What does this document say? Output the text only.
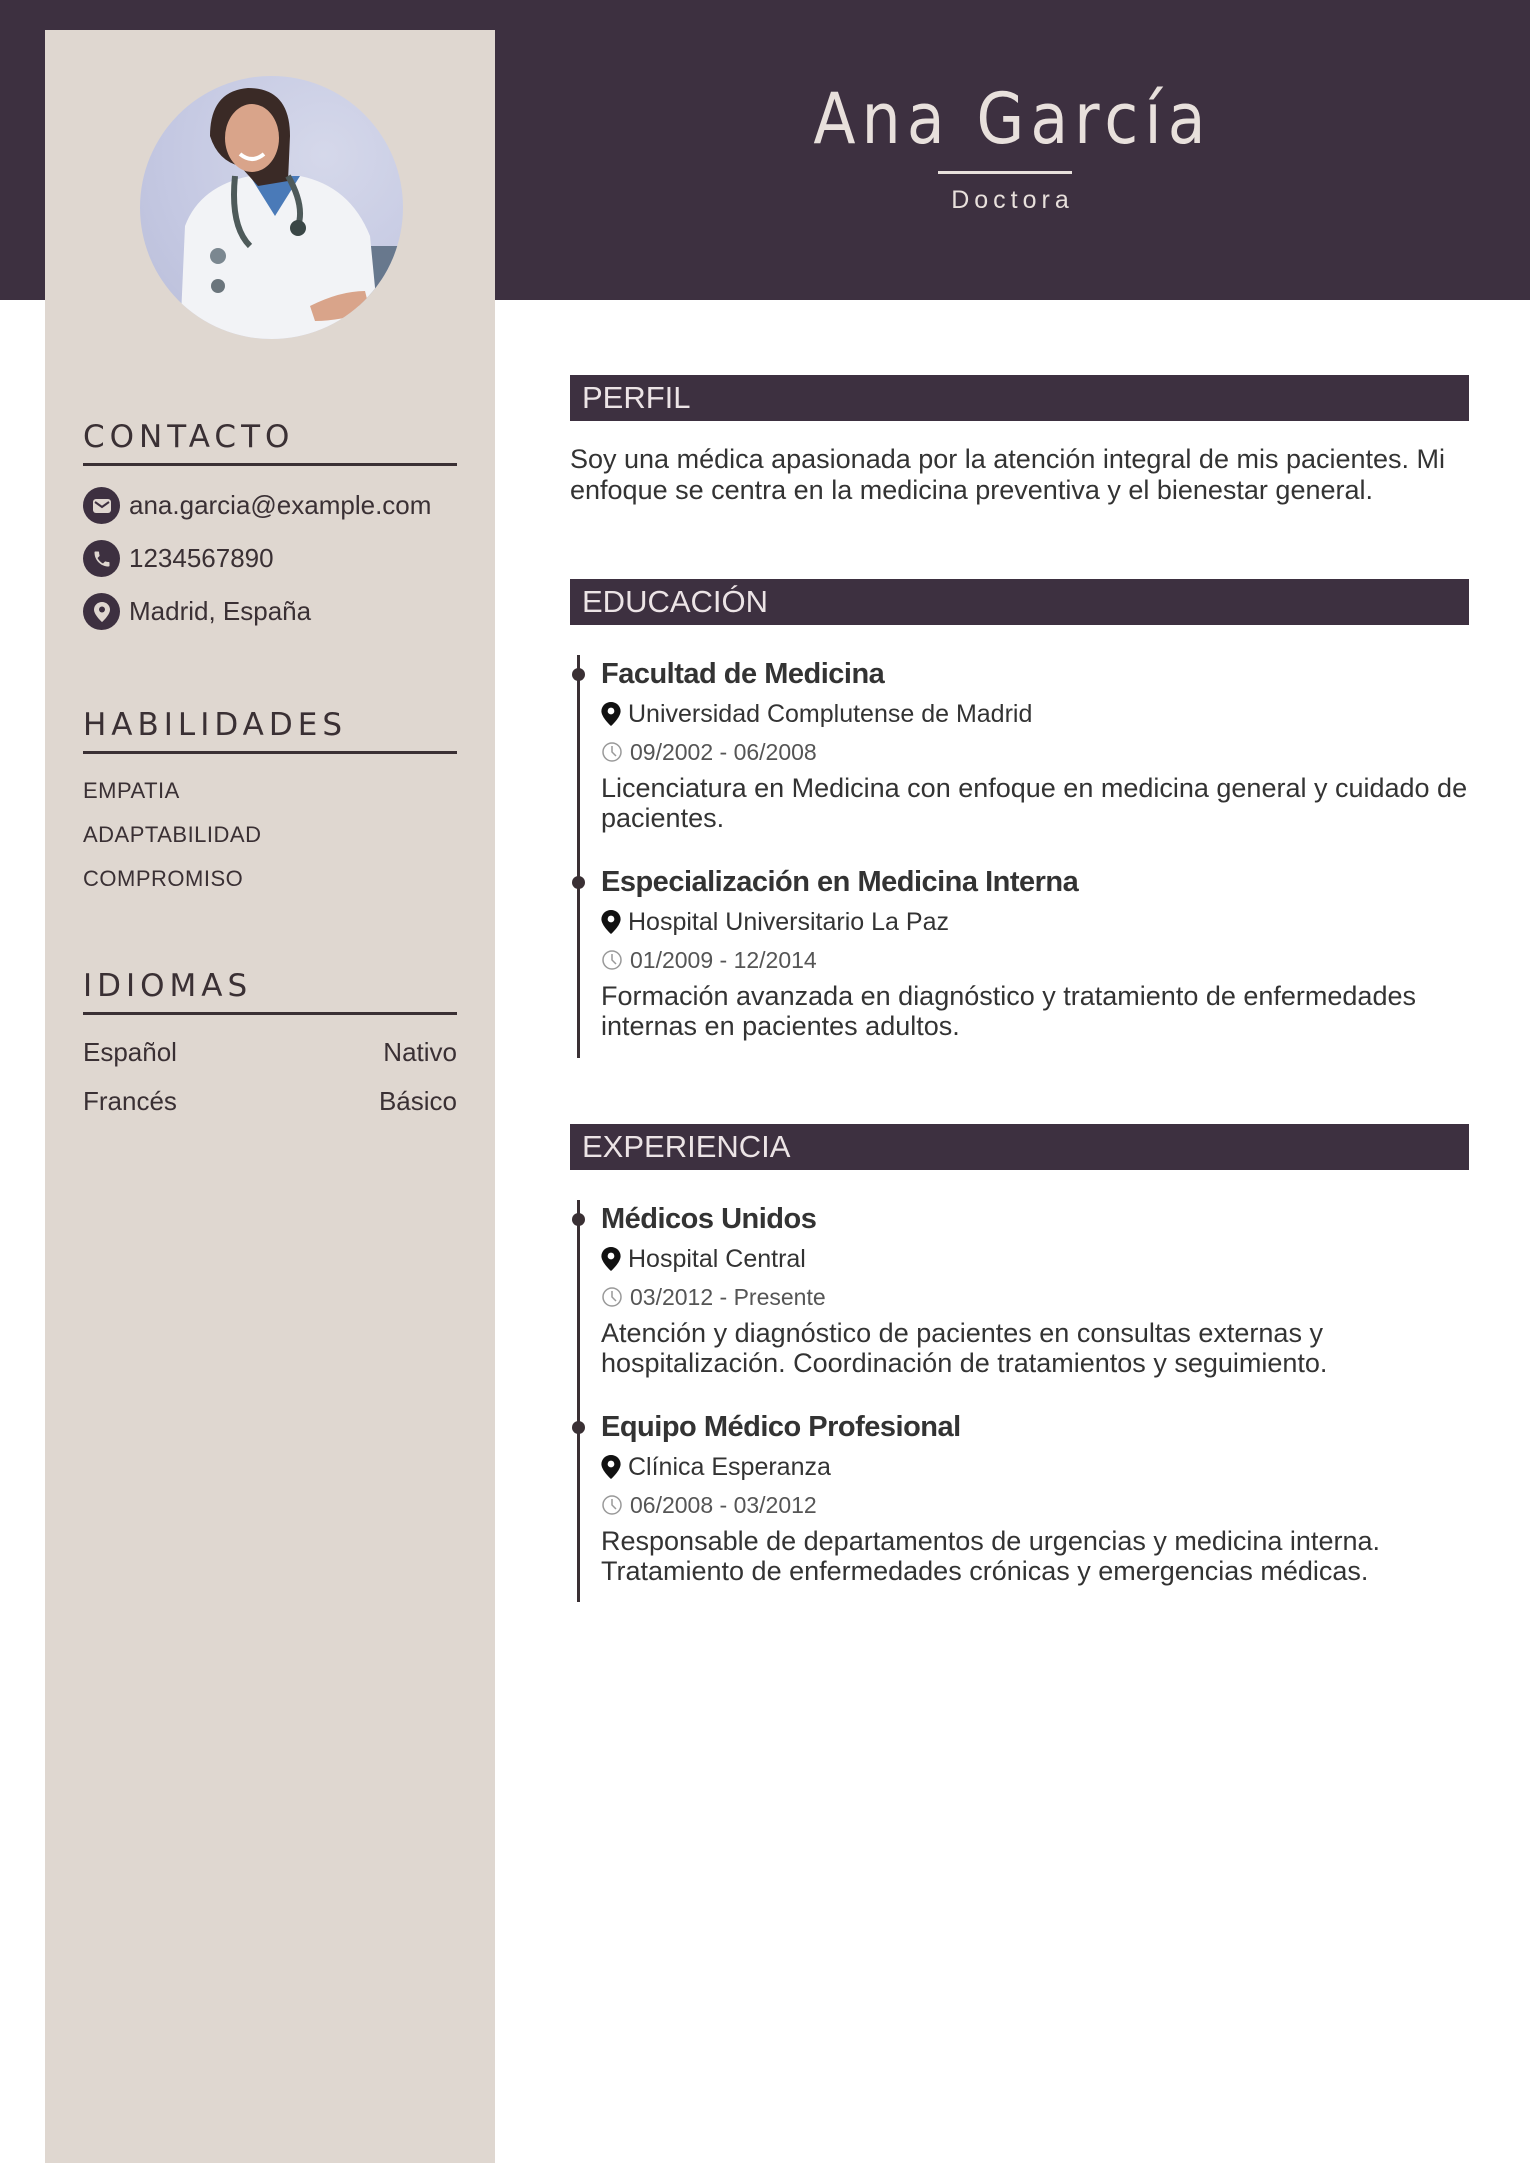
Ana García
Doctora
CONTACTO
ana.garcia@example.com
1234567890
Madrid, España
HABILIDADES
EMPATIA
ADAPTABILIDAD
COMPROMISO
IDIOMAS
Español	Nativo
Francés	Básico
PERFIL
Soy una médica apasionada por la atención integral de mis pacientes. Mi enfoque se centra en la medicina preventiva y el bienestar general.
EDUCACIÓN
Facultad de Medicina
Universidad Complutense de Madrid
09/2002 - 06/2008
Licenciatura en Medicina con enfoque en medicina general y cuidado de pacientes.
Especialización en Medicina Interna
Hospital Universitario La Paz
01/2009 - 12/2014
Formación avanzada en diagnóstico y tratamiento de enfermedades internas en pacientes adultos.
EXPERIENCIA
Médicos Unidos
Hospital Central
03/2012 - Presente
Atención y diagnóstico de pacientes en consultas externas y hospitalización. Coordinación de tratamientos y seguimiento.
Equipo Médico Profesional
Clínica Esperanza
06/2008 - 03/2012
Responsable de departamentos de urgencias y medicina interna. Tratamiento de enfermedades crónicas y emergencias médicas.
